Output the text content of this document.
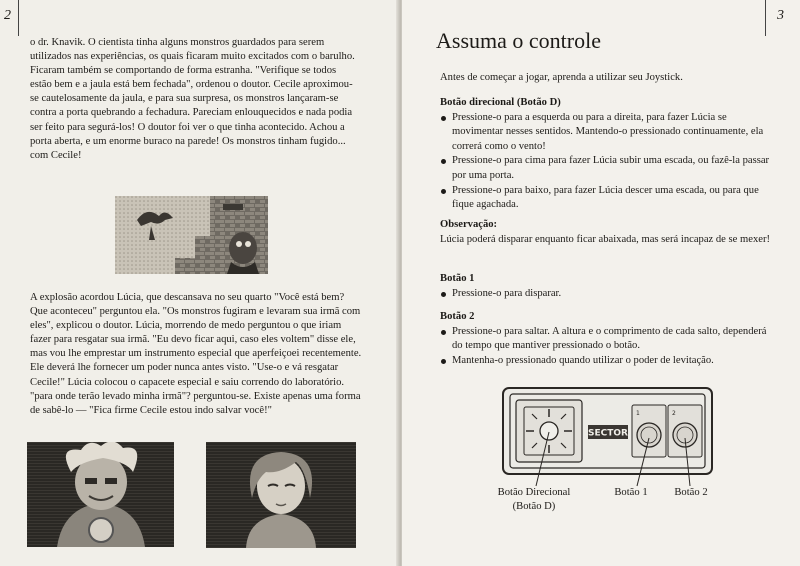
2

o dr. Knavik. O cientista tinha alguns monstros guardados para serem utilizados nas experiências, os quais ficaram muito excitados com o barulho. Ficaram também se comportando de forma estranha. "Verifique se todos estão bem e a jaula está bem fechada", ordenou o doutor. Cecile aproximou-se cautelosamente da jaula, e para sua surpresa, os monstros lançaram-se contra a porta quebrando a fechadura. Pareciam enlouquecidos e nada podia ser feito para segurá-los! O doutor foi ver o que tinha acontecido. Achou a porta aberta, e um enorme buraco na parede! Os monstros tinham fugido... com Cecile!

A explosão acordou Lúcia, que descansava no seu quarto "Você está bem? Que aconteceu" perguntou ela. "Os monstros fugiram e levaram sua irmã com eles", explicou o doutor. Lúcia, morrendo de medo perguntou o que iriam fazer para resgatar sua irmã. "Eu devo ficar aqui, caso eles voltem" disse ele, mas vou lhe emprestar um instrumento especial que aperfeiçoei recentemente. Ele deverá lhe fornecer um poder nunca antes visto. "Use-o e vá resgatar Cecile!" Lúcia colocou o capacete especial e saiu correndo do laboratório. "para onde terão levado minha irmã"? perguntou-se. Existe apenas uma forma de sabê-lo — "Fica firme Cecile estou indo salvar você!"

3
Assuma o controle

Antes de começar a jogar, aprenda a utilizar seu Joystick.

Botão direcional (Botão D)
Pressione-o para a esquerda ou para a direita, para fazer Lúcia se movimentar nesses sentidos. Mantendo-o pressionado continuamente, ela correrá como o vento!
Pressione-o para cima para fazer Lúcia subir uma escada, ou fazê-la passar por uma porta.
Pressione-o para baixo, para fazer Lúcia descer uma escada, ou para que fique agachada.
Observação:

Lúcia poderá disparar enquanto ficar abaixada, mas será incapaz de se mexer!

Botão 1
Pressione-o para disparar.
Botão 2
Pressione-o para saltar. A altura e o comprimento de cada salto, dependerá do tempo que mantiver pressionado o botão.
Mantenha-o pressionado quando utilizar o poder de levitação.
SECTOR
1	2
Botão Direcional
(Botão D)
Botão 1	Botão 2
